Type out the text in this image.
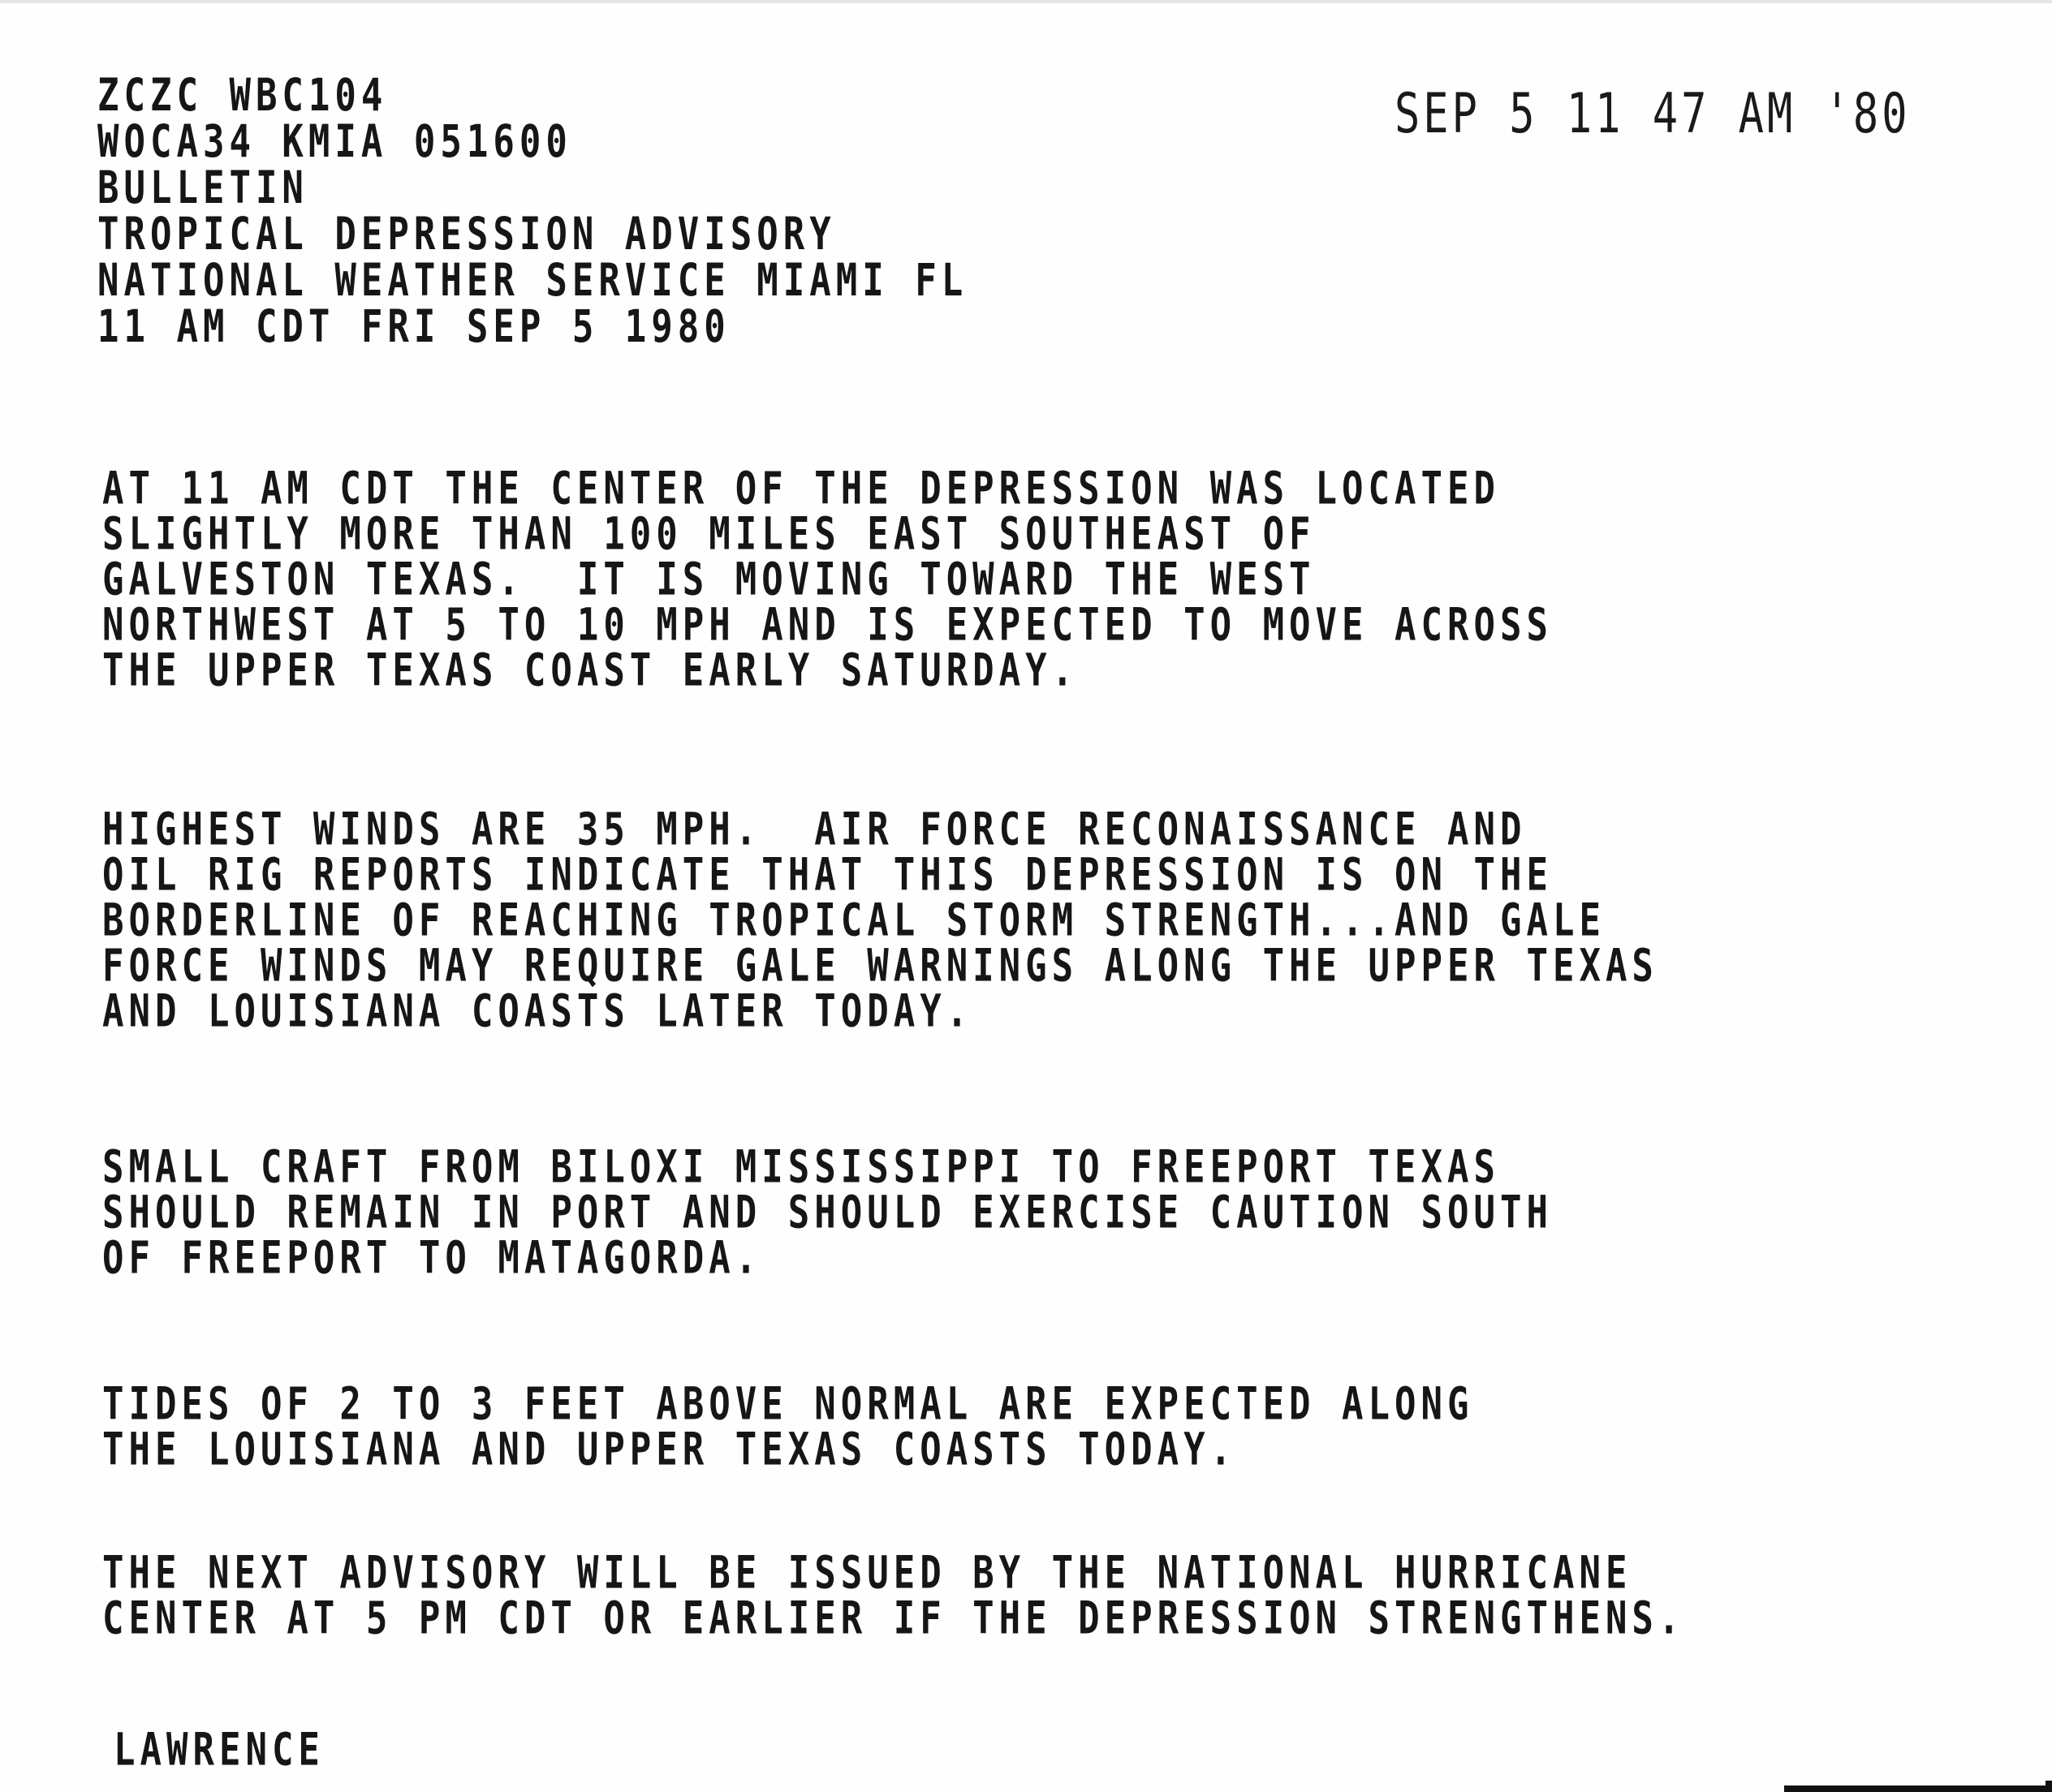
ZCZC WBC104
WOCA34 KMIA 051600
BULLETIN
TROPICAL DEPRESSION ADVISORY
NATIONAL WEATHER SERVICE MIAMI FL
11 AM CDT FRI SEP 5 1980
SEP 5 11 47 AM '80
AT 11 AM CDT THE CENTER OF THE DEPRESSION WAS LOCATED
SLIGHTLY MORE THAN 100 MILES EAST SOUTHEAST OF
GALVESTON TEXAS.  IT IS MOVING TOWARD THE WEST
NORTHWEST AT 5 TO 10 MPH AND IS EXPECTED TO MOVE ACROSS
THE UPPER TEXAS COAST EARLY SATURDAY.
HIGHEST WINDS ARE 35 MPH.  AIR FORCE RECONAISSANCE AND
OIL RIG REPORTS INDICATE THAT THIS DEPRESSION IS ON THE
BORDERLINE OF REACHING TROPICAL STORM STRENGTH...AND GALE
FORCE WINDS MAY REQUIRE GALE WARNINGS ALONG THE UPPER TEXAS
AND LOUISIANA COASTS LATER TODAY.
SMALL CRAFT FROM BILOXI MISSISSIPPI TO FREEPORT TEXAS
SHOULD REMAIN IN PORT AND SHOULD EXERCISE CAUTION SOUTH
OF FREEPORT TO MATAGORDA.
TIDES OF 2 TO 3 FEET ABOVE NORMAL ARE EXPECTED ALONG
THE LOUISIANA AND UPPER TEXAS COASTS TODAY.
THE NEXT ADVISORY WILL BE ISSUED BY THE NATIONAL HURRICANE
CENTER AT 5 PM CDT OR EARLIER IF THE DEPRESSION STRENGTHENS.
LAWRENCE
